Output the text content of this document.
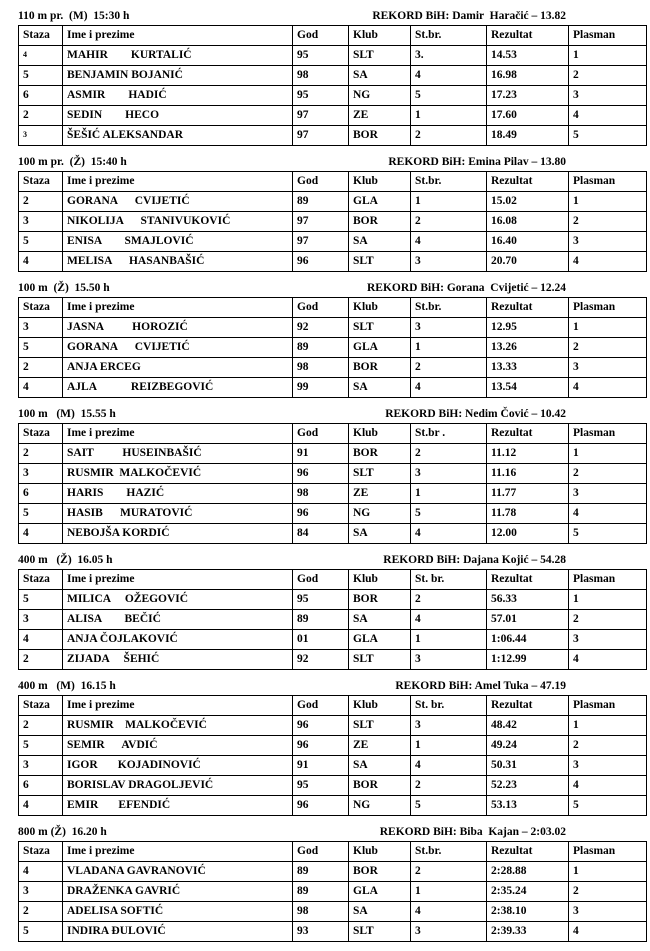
110 m pr.  (M)  15:30 h	REKORD BiH: Damir  Haračić – 13.82
Staza	Ime i prezime	God	Klub	St.br.	Rezultat	Plasman
4	MAHIR        KURTALIĆ	95	SLT	3.	14.53	1
5	BENJAMIN BOJANIĆ	98	SA	4	16.98	2
6	ASMIR        HADIĆ	95	NG	5	17.23	3
2	SEDIN        HECO	97	ZE	1	17.60	4
3	ŠEŠIĆ ALEKSANDAR	97	BOR	2	18.49	5
100 m pr.  (Ž)  15:40 h	REKORD BiH: Emina Pilav – 13.80
Staza	Ime i prezime	God	Klub	St.br.	Rezultat	Plasman
2	GORANA      CVIJETIĆ	89	GLA	1	15.02	1
3	NIKOLIJA      STANIVUKOVIĆ	97	BOR	2	16.08	2
5	ENISA        SMAJLOVIĆ	97	SA	4	16.40	3
4	MELISA      HASANBAŠIĆ	96	SLT	3	20.70	4
100 m  (Ž)  15.50 h	REKORD BiH: Gorana  Cvijetić – 12.24
Staza	Ime i prezime	God	Klub	St.br.	Rezultat	Plasman
3	JASNA          HOROZIĆ	92	SLT	3	12.95	1
5	GORANA      CVIJETIĆ	89	GLA	1	13.26	2
2	ANJA ERCEG	98	BOR	2	13.33	3
4	AJLA            REIZBEGOVIĆ	99	SA	4	13.54	4
100 m   (M)  15.55 h	REKORD BiH: Nedim Čović – 10.42
Staza	Ime i prezime	God	Klub	St.br .	Rezultat	Plasman
2	SAIT          HUSEINBAŠIĆ	91	BOR	2	11.12	1
3	RUSMIR  MALKOČEVIĆ	96	SLT	3	11.16	2
6	HARIS        HAZIĆ	98	ZE	1	11.77	3
5	HASIB      MURATOVIĆ	96	NG	5	11.78	4
4	NEBOJŠA KORDIĆ	84	SA	4	12.00	5
400 m   (Ž)  16.05 h	REKORD BiH: Dajana Kojić – 54.28
Staza	Ime i prezime	God	Klub	St. br.	Rezultat	Plasman
5	MILICA     OŽEGOVIĆ	95	BOR	2	56.33	1
3	ALISA        BEČIĆ	89	SA	4	57.01	2
4	ANJA ČOJLAKOVIĆ	01	GLA	1	1:06.44	3
2	ZIJADA     ŠEHIĆ	92	SLT	3	1:12.99	4
400 m   (M)  16.15 h	REKORD BiH: Amel Tuka – 47.19
Staza	Ime i prezime	God	Klub	St. br.	Rezultat	Plasman
2	RUSMIR    MALKOČEVIĆ	96	SLT	3	48.42	1
5	SEMIR      AVDIĆ	96	ZE	1	49.24	2
3	IGOR       KOJADINOVIĆ	91	SA	4	50.31	3
6	BORISLAV DRAGOLJEVIĆ	95	BOR	2	52.23	4
4	EMIR       EFENDIĆ	96	NG	5	53.13	5
800 m (Ž)  16.20 h	REKORD BiH: Biba  Kajan – 2:03.02
Staza	Ime i prezime	God	Klub	St.br.	Rezultat	Plasman
4	VLADANA GAVRANOVIĆ	89	BOR	2	2:28.88	1
3	DRAŽENKA GAVRIĆ	89	GLA	1	2:35.24	2
2	ADELISA SOFTIĆ	98	SA	4	2:38.10	3
5	INDIRA ĐULOVIĆ	93	SLT	3	2:39.33	4
